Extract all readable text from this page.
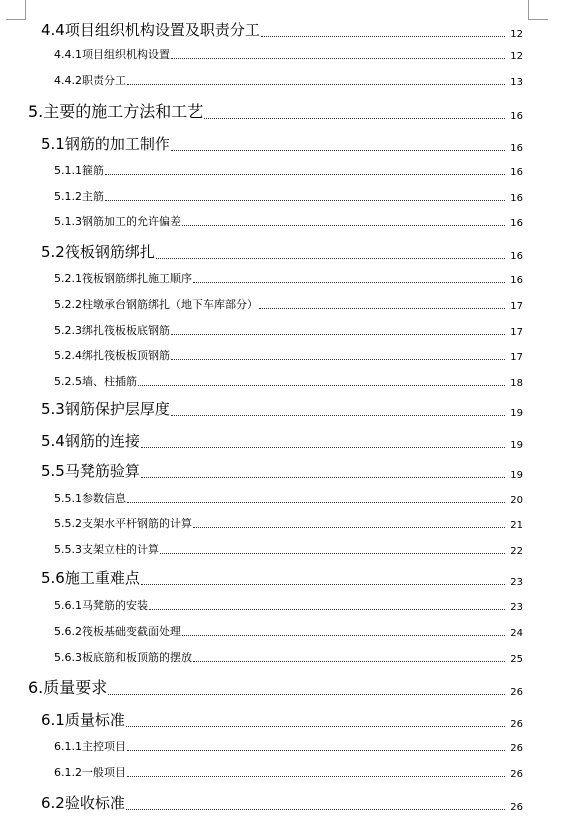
4.4项目组织机构设置及职责分工	12
4.4.1项目组织机构设置	12
4.4.2职责分工	13
5.主要的施工方法和工艺	16
5.1钢筋的加工制作	16
5.1.1箍筋	16
5.1.2主筋	16
5.1.3钢筋加工的允许偏差	16
5.2筏板钢筋绑扎	16
5.2.1筏板钢筋绑扎施工顺序	16
5.2.2柱墩承台钢筋绑扎（地下车库部分）	17
5.2.3绑扎筏板板底钢筋	17
5.2.4绑扎筏板板顶钢筋	17
5.2.5墙、柱插筋	18
5.3钢筋保护层厚度	19
5.4钢筋的连接	19
5.5马凳筋验算	19
5.5.1参数信息	20
5.5.2支架水平杆钢筋的计算	21
5.5.3支架立柱的计算	22
5.6施工重难点	23
5.6.1马凳筋的安装	23
5.6.2筏板基础变截面处理	24
5.6.3板底筋和板顶筋的摆放	25
6.质量要求	26
6.1质量标准	26
6.1.1主控项目	26
6.1.2一般项目	26
6.2验收标准	26
